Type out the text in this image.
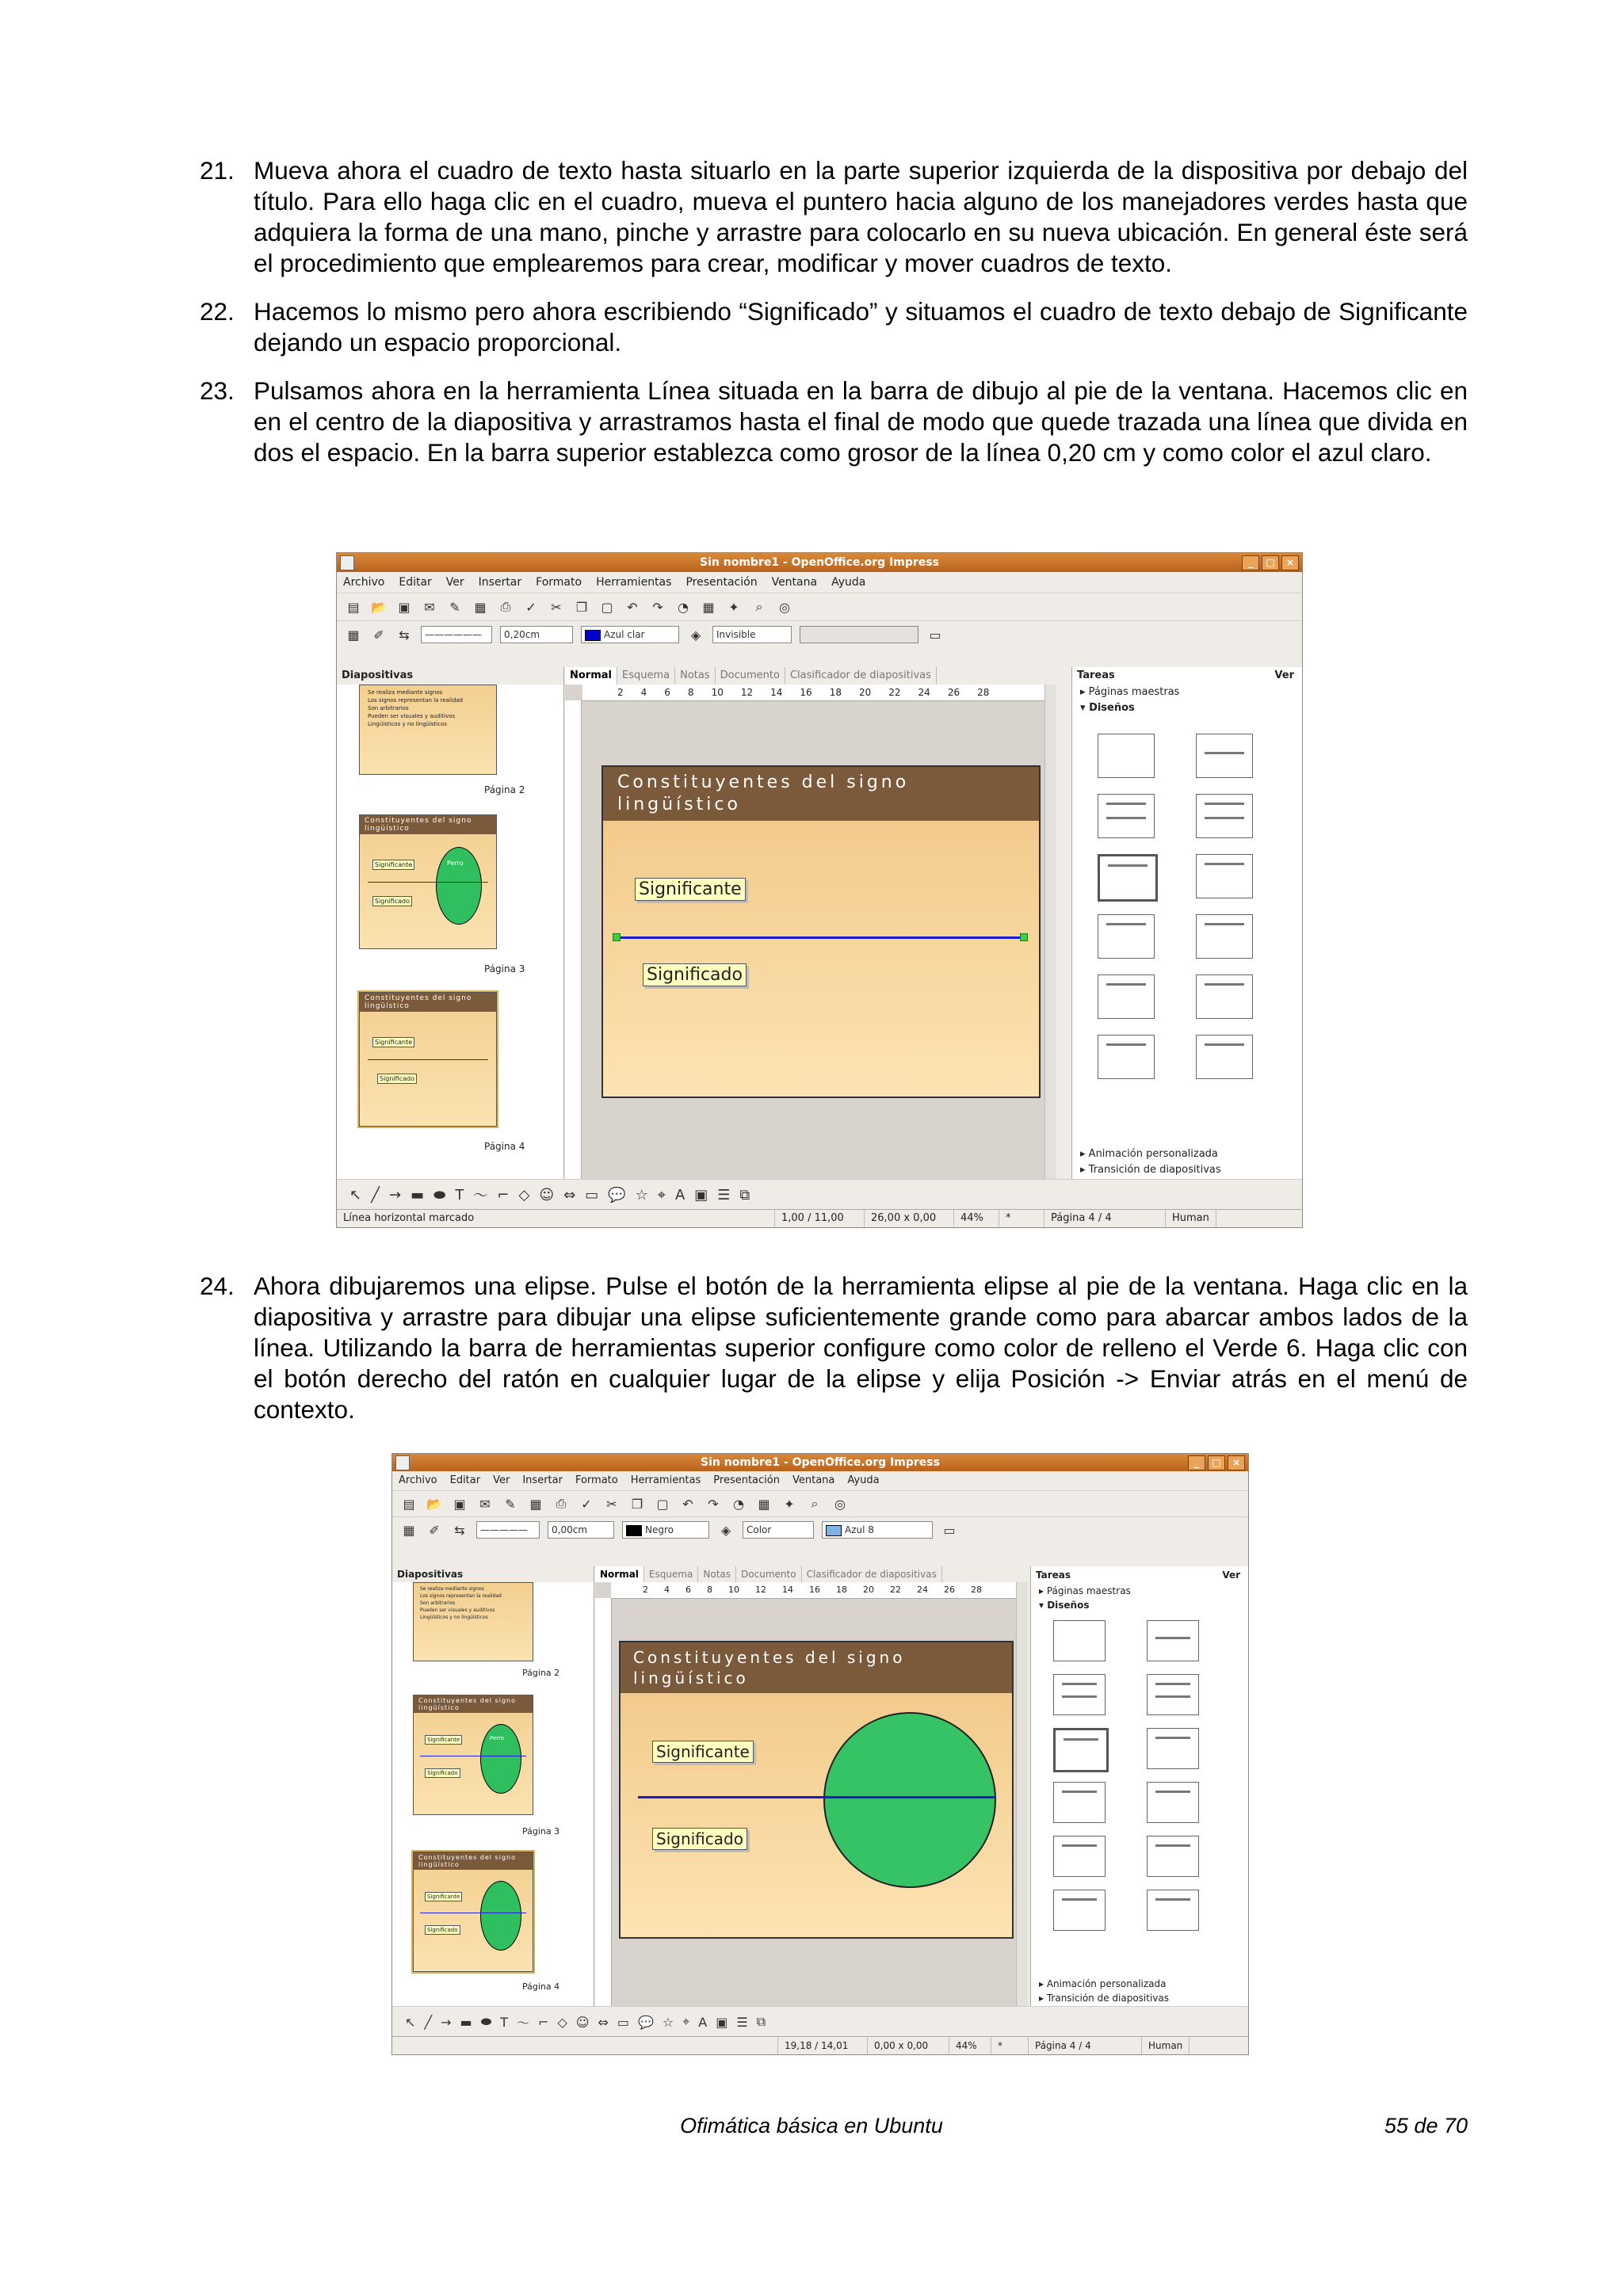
21. Mueva ahora el cuadro de texto hasta situarlo en la parte superior izquierda de la dispositiva por debajo del título. Para ello haga clic en el cuadro, mueva el puntero hacia alguno de los manejadores verdes hasta que adquiera la forma de una mano, pinche y arrastre para colocarlo en su nueva ubicación. En general éste será el procedimiento que emplearemos para crear, modificar y mover cuadros de texto.
22. Hacemos lo mismo pero ahora escribiendo “Significado” y situamos el cuadro de texto debajo de Significante dejando un espacio proporcional.
23. Pulsamos ahora en la herramienta Línea situada en la barra de dibujo al pie de la ventana. Hacemos clic en en el centro de la diapositiva y arrastramos hasta el final de modo que quede trazada una línea que divida en dos el espacio. En la barra superior establezca como grosor de la línea 0,20 cm y como color el azul claro.
Sin nombre1 - OpenOffice.org Impress	_	□	×
Archivo Editar Ver Insertar Formato Herramientas Presentación Ventana Ayuda
▤ 📂 ▣ ✉ ✎ ▦ ⎙ ✓ ✂ ❐ ▢ ↶ ↷ ◔ ▦ ✦	⌕	◎
▦ ✐ ⇆	——————	0,20cm	Azul clar	◈	Invisible	▭
Diapositivas
Se realiza mediante signos
Los signos representan la realidad
Son arbitrarios
Pueden ser visuales y auditivos
Lingüísticos y no lingüísticos
Página 2
Constituyentes del signo lingüístico
Significante
Significado
Perro
Página 3
Constituyentes del signo lingüístico
Significante
Significado
Página 4
Normal	Esquema	Notas	Documento	Clasificador de diapositivas
2 4 6 8 10 12 14 16 18 20 22 24 26 28
Constituyentes del signo lingüístico
Significante
Significado
Tareas	Ver
▸ Páginas maestras
▾ Diseños
▸ Animación personalizada
▸ Transición de diapositivas
↖ ╱ → ▬ ⬬ T 〜 ⌐ ◇ ☺ ⇔ ▭ 💬 ☆ ⌖ A ▣ ☰ ⧉
Línea horizontal marcado	1,00 / 11,00	26,00 x 0,00	44%	*	Página 4 / 4	Human
24. Ahora dibujaremos una elipse. Pulse el botón de la herramienta elipse al pie de la ventana. Haga clic en la diapositiva y arrastre para dibujar una elipse suficientemente grande como para abarcar ambos lados de la línea. Utilizando la barra de herramientas superior configure como color de relleno el Verde 6. Haga clic con el botón derecho del ratón en cualquier lugar de la elipse y elija Posición -> Enviar atrás en el menú de contexto.
Sin nombre1 - OpenOffice.org Impress	_	□	×
Archivo Editar Ver Insertar Formato Herramientas Presentación Ventana Ayuda
▤ 📂 ▣ ✉ ✎ ▦ ⎙ ✓ ✂ ❐ ▢ ↶ ↷ ◔ ▦ ✦	⌕	◎
▦ ✐ ⇆	—————	0,00cm	Negro	◈	Color	Azul 8	▭
Diapositivas
Se realiza mediante signos
Los signos representan la realidad
Son arbitrarios
Pueden ser visuales y auditivos
Lingüísticos y no lingüísticos
Página 2
Constituyentes del signo lingüístico
Significante
Significado
Perro
Página 3
Constituyentes del signo lingüístico
Significante
Significado
Página 4
Normal	Esquema	Notas	Documento	Clasificador de diapositivas
2 4 6 8 10 12 14 16 18 20 22 24 26 28
Constituyentes del signo lingüístico
Significante
Significado
Tareas	Ver
▸ Páginas maestras
▾ Diseños
▸ Animación personalizada
▸ Transición de diapositivas
↖ ╱ → ▬ ⬬ T 〜 ⌐ ◇ ☺ ⇔ ▭ 💬 ☆ ⌖ A ▣ ☰ ⧉
19,18 / 14,01	0,00 x 0,00	44%	*	Página 4 / 4	Human
Ofimática básica en Ubuntu	55 de 70
